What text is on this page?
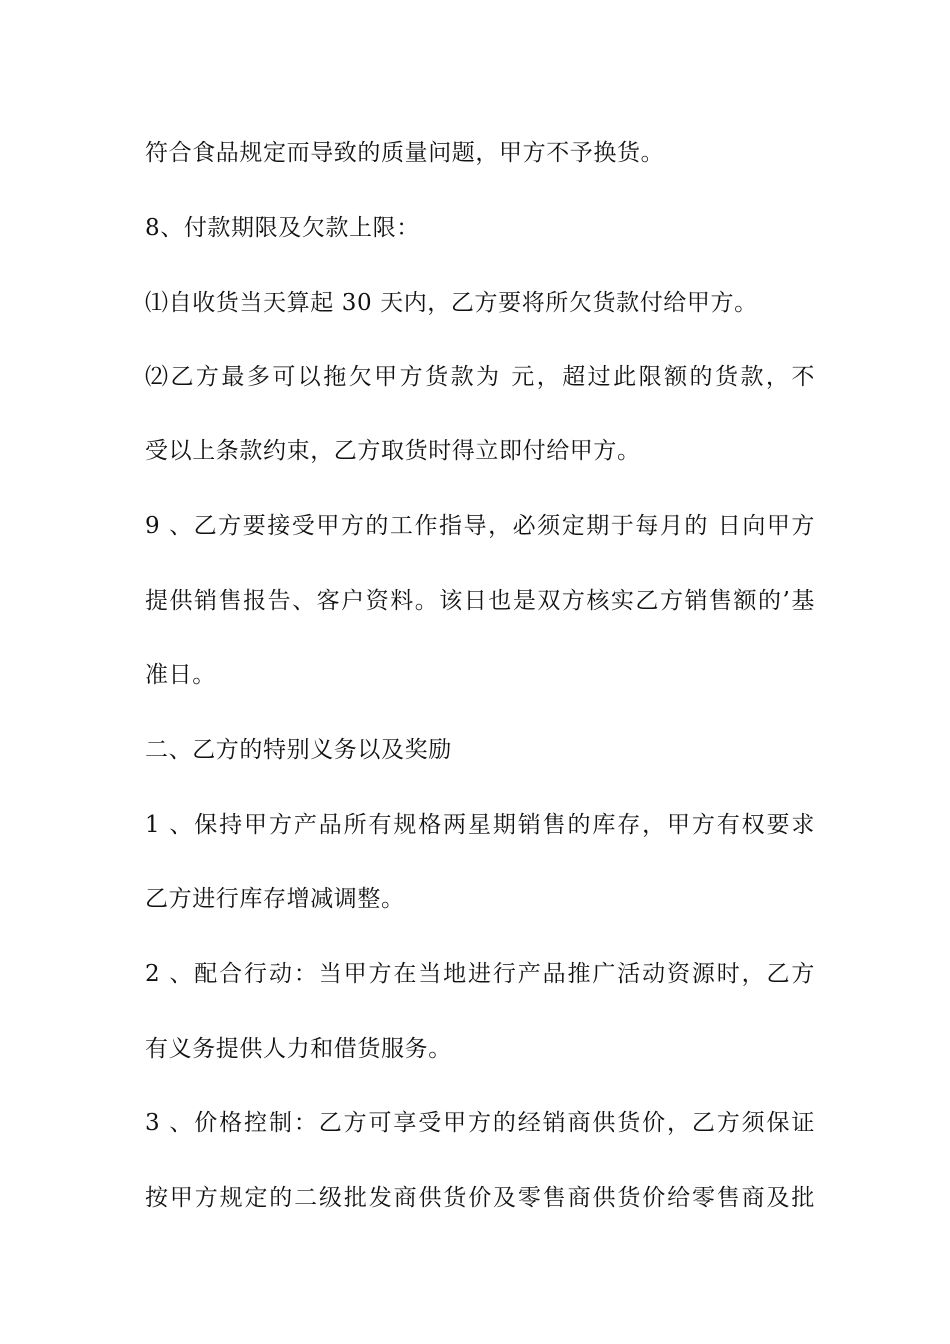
符合食品规定而导致的质量问题，甲方不予换货。
8、付款期限及欠款上限：
⑴自收货当天算起 30 天内，乙方要将所欠货款付给甲方。
⑵乙方最多可以拖欠甲方货款为 元，超过此限额的货款，不
受以上条款约束，乙方取货时得立即付给甲方。
9 、乙方要接受甲方的工作指导，必须定期于每月的 日向甲方
提供销售报告、客户资料。该日也是双方核实乙方销售额的’基
准日。
二、乙方的特别义务以及奖励
1 、保持甲方产品所有规格两星期销售的库存，甲方有权要求
乙方进行库存增减调整。
2 、配合行动：当甲方在当地进行产品推广活动资源时，乙方
有义务提供人力和借货服务。
3 、价格控制：乙方可享受甲方的经销商供货价，乙方须保证
按甲方规定的二级批发商供货价及零售商供货价给零售商及批
